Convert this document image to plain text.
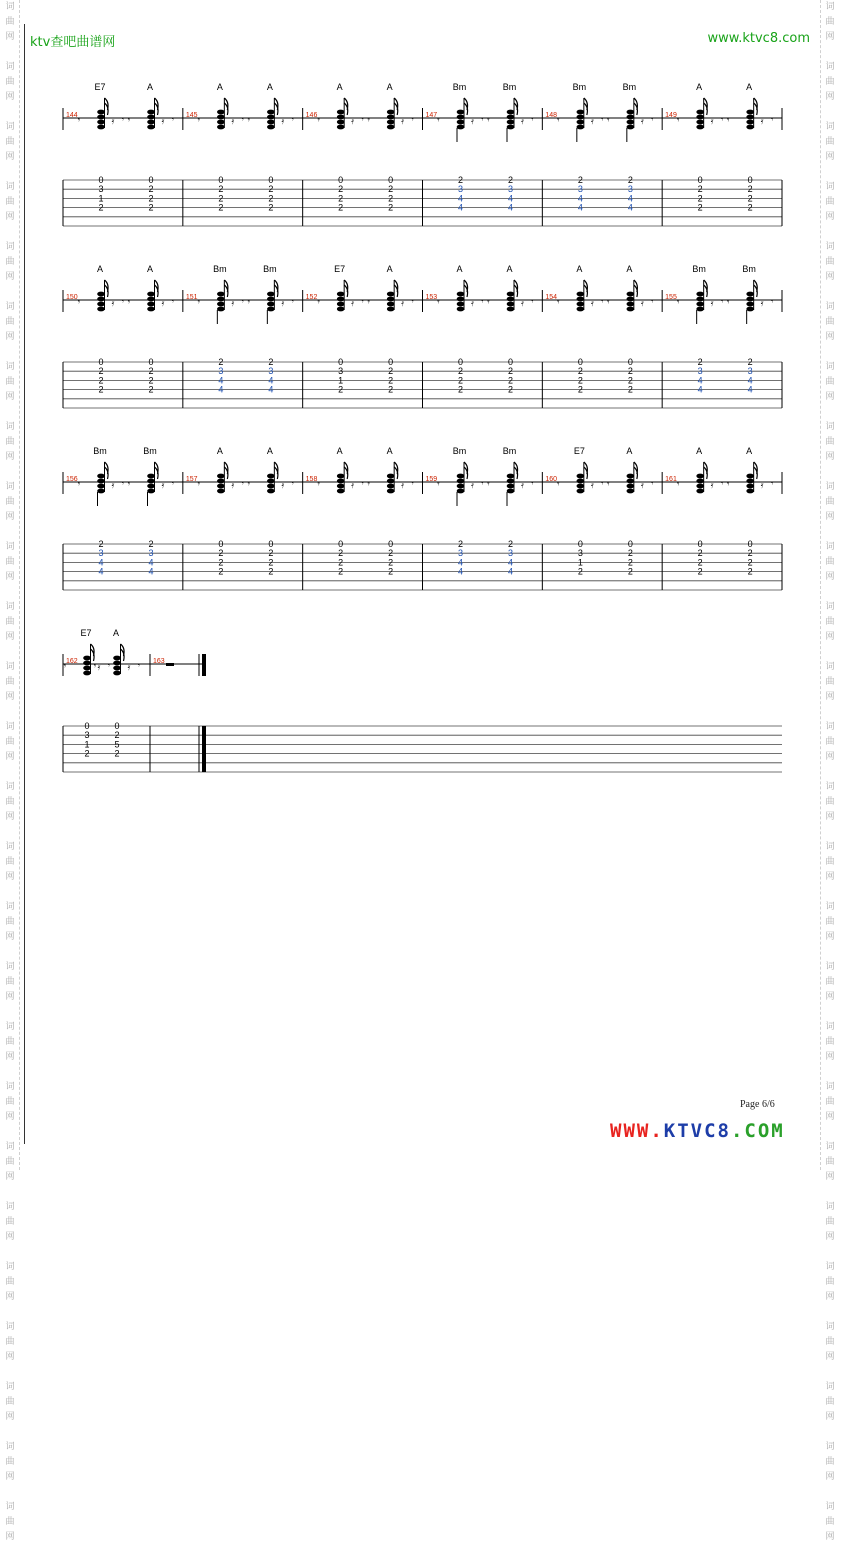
词
曲
网
词
曲
网
词
曲
网
词
曲
网
词
曲
网
词
曲
网
词
曲
网
词
曲
网
词
曲
网
词
曲
网
词
曲
网
词
曲
网
词
曲
网
词
曲
网
词
曲
网
词
曲
网
词
曲
网
词
曲
网
词
曲
网
词
曲
网
词
曲
网
词
曲
网
词
曲
网
词
曲
网
词
曲
网
词
曲
网
词
曲
网
词
曲
网
词
曲
网
词
曲
网
词
曲
网
词
曲
网
词
曲
网
词
曲
网
词
曲
网
词
曲
网
词
曲
网
词
曲
网
词
曲
网
词
曲
网
词
曲
网
词
曲
网
词
曲
网
词
曲
网
词
曲
网
词
曲
网
词
曲
网
词
曲
网
词
曲
网
词
曲
网
词
曲
网
词
曲
网
ktv查吧曲谱网	www.ktvc8.com
144
E7
𝄾	𝄿 𝄾
0
3
1
2
A
𝄾	𝄿 𝄾
0
2
2
2
145
A
𝄾	𝄿 𝄾
0
2
2
2
A
𝄾	𝄿 𝄾
0
2
2
2
146
A
𝄾	𝄿 𝄾
0
2
2
2
A
𝄾	𝄿 𝄾
0
2
2
2
147
Bm
𝄾	𝄿 𝄾
2
3
4
4
Bm
𝄾	𝄿 𝄾
2
3
4
4
148
Bm
𝄾	𝄿 𝄾
2
3
4
4
Bm
𝄾	𝄿 𝄾
2
3
4
4
149
A
𝄾	𝄿 𝄾
0
2
2
2
A
𝄾	𝄿 𝄾
0
2
2
2
150
A
𝄾	𝄿 𝄾
0
2
2
2
A
𝄾	𝄿 𝄾
0
2
2
2
151
Bm
𝄾	𝄿 𝄾
2
3
4
4
Bm
𝄾	𝄿 𝄾
2
3
4
4
152
E7
𝄾	𝄿 𝄾
0
3
1
2
A
𝄾	𝄿 𝄾
0
2
2
2
153
A
𝄾	𝄿 𝄾
0
2
2
2
A
𝄾	𝄿 𝄾
0
2
2
2
154
A
𝄾	𝄿 𝄾
0
2
2
2
A
𝄾	𝄿 𝄾
0
2
2
2
155
Bm
𝄾	𝄿 𝄾
2
3
4
4
Bm
𝄾	𝄿 𝄾
2
3
4
4
156
Bm
𝄾	𝄿 𝄾
2
3
4
4
Bm
𝄾	𝄿 𝄾
2
3
4
4
157
A
𝄾	𝄿 𝄾
0
2
2
2
A
𝄾	𝄿 𝄾
0
2
2
2
158
A
𝄾	𝄿 𝄾
0
2
2
2
A
𝄾	𝄿 𝄾
0
2
2
2
159
Bm
𝄾	𝄿 𝄾
2
3
4
4
Bm
𝄾	𝄿 𝄾
2
3
4
4
160
E7
𝄾	𝄿 𝄾
0
3
1
2
A
𝄾	𝄿 𝄾
0
2
2
2
161
A
𝄾	𝄿 𝄾
0
2
2
2
A
𝄾	𝄿 𝄾
0
2
2
2
162
E7
𝄾	𝄿 𝄾
0
3
1
2
A
𝄾	𝄿 𝄾
0
2
5
2
163
Page 6/6
WWW.KTVC8.COM
